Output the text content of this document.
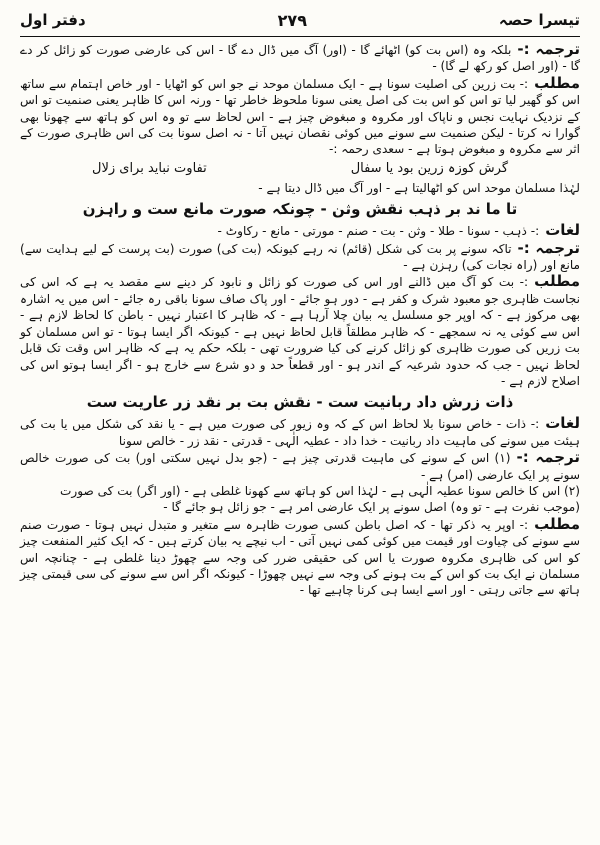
تیسرا حصہ
۲۷۹
دفتر اول

ترجمہ :-بلکہ وہ (اس بت کو) اٹھائے گا - (اور) آگ میں ڈال دے گا - اس کی عارضی صورت کو زائل کر دے گا - (اور اصل کو رکھ لے گا) -

مطلب:- بت زرین کی اصلیت سونا ہے - ایک مسلمان موحد نے جو اس کو اٹھایا - اور خاص اہتمام سے ساتھ اس کو گھیر لیا تو اس کو اس بت کی اصل یعنی سونا ملحوظ خاطر تھا - ورنہ اس کا ظاہر یعنی صنمیت تو اس کے نزدیک نہایت نجس و ناپاک اور مکروہ و مبغوض چیز ہے - اس لحاظ سے تو وہ اس کو ہاتھ سے چھونا بھی گوارا نہ کرتا - لیکن صنمیت سے سونے میں کوئی نقصان نہیں آتا - نہ اصل سونا بت کی اس ظاہری صورت کے اثر سے مکروہ و مبغوض ہوتا ہے - سعدی رحمہ :-

گرش کوزہ زرین بود یا سفال
تفاوت نباید برای زلال

لہٰذا مسلمان موحد اس کو اٹھالیتا ہے - اور آگ میں ڈال دیتا ہے -

تا ما ند بر ذہب نقش وثن - چونکہ صورت مانع ست و راہزن

لغات:- ذہب - سونا - طلا - وثن - بت - صنم - مورتی - مانع - رکاوٹ -

ترجمہ :-تاکہ سونے پر بت کی شکل (قائم) نہ رہے کیونکہ (بت کی) صورت (بت پرست کے لیے ہدایت سے) مانع اور (راہ نجات کی) رہزن ہے -

مطلب:- بت کو آگ میں ڈالنے اور اس کی صورت کو زائل و نابود کر دینے سے مقصد یہ ہے کہ اس کی نجاست ظاہری جو معبود شرک و کفر ہے - دور ہو جائے - اور پاک صاف سونا باقی رہ جائے - اس میں یہ اشارہ بھی مرکوز ہے - کہ اوپر جو مسلسل یہ بیان چلا آرہا ہے - کہ ظاہر کا اعتبار نہیں - باطن کا لحاظ لازم ہے - اس سے کوئی یہ نہ سمجھے - کہ ظاہر مطلقاً قابل لحاظ نہیں ہے - کیونکہ اگر ایسا ہوتا - تو اس مسلمان کو بت زریں کی صورت ظاہری کو زائل کرنے کی کیا ضرورت تھی - بلکہ حکم یہ ہے کہ ظاہر اس وقت تک قابل لحاظ نہیں - جب کہ حدود شرعیہ کے اندر ہو - اور قطعاً حد و دو شرع سے خارج ہو - اگر ایسا ہوتو اس کی اصلاح لازم ہے -

ذات زرش داد ربانیت ست - نقش بت بر نقد زر عاریت ست

لغات:- ذات - خاص سونا بلا لحاظ اس کے کہ وہ زیور کی صورت میں ہے - یا نقد کی شکل میں یا بت کی ہیئت میں سونے کی ماہیت داد ربانیت - خدا داد - عطیہ الٰہی - قدرتی - نقد زر - خالص سونا

ترجمہ :-(۱) اس کے سونے کی ماہیت قدرتی چیز ہے - (جو بدل نہیں سکتی اور) بت کی صورت خالص سونے پر ایک عارضی (امر) ہے -

(۲) اس کا خالص سونا عطیہ الٰہی ہے - لہٰذا اس کو ہاتھ سے کھونا غلطی ہے - (اور اگر) بت کی صورت (موجب نفرت ہے - تو وہ) اصل سونے پر ایک عارضی امر ہے - جو زائل ہو جائے گا -

مطلب:- اوپر یہ ذکر تھا - کہ اصل باطن کسی صورت ظاہرہ سے متغیر و متبدل نہیں ہوتا - صورت صنم سے سونے کی چیاوت اور قیمت میں کوئی کمی نہیں آتی - اب نیچے یہ بیان کرتے ہیں - کہ ایک کثیر المنفعت چیز کو اس کی ظاہری مکروہ صورت یا اس کی حقیقی ضرر کی وجہ سے چھوڑ دینا غلطی ہے - چنانچہ اس مسلمان نے ایک بت کو اس کے بت ہونے کی وجہ سے نہیں چھوڑا - کیونکہ اگر اس سے سونے کی سی قیمتی چیز ہاتھ سے جاتی رہتی - اور اسے ایسا ہی کرنا چاہیے تھا -
